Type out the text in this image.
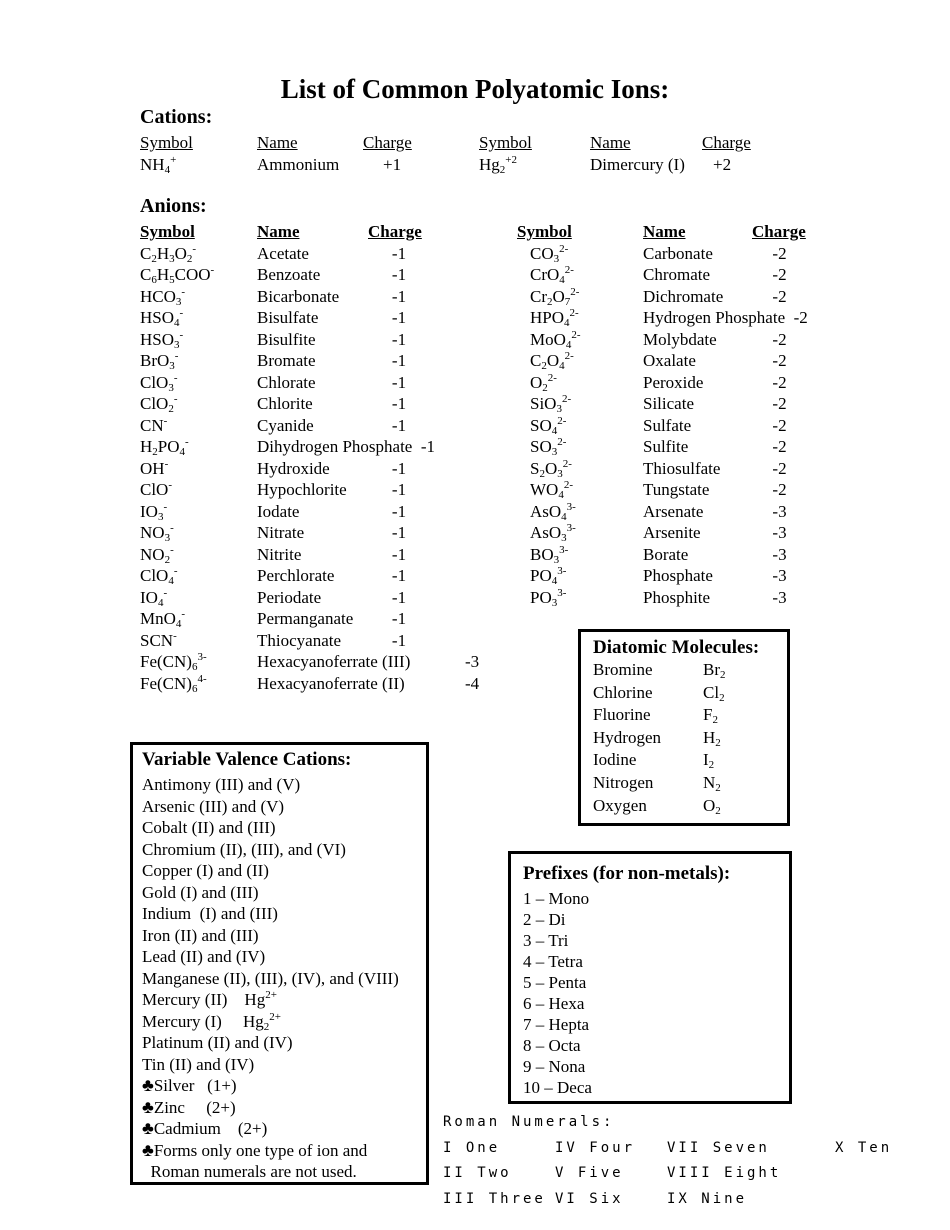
List of Common Polyatomic Ions:
Cations:
Symbol	Name	Charge	Symbol	Name	Charge
$NH_4^+$	Ammonium	+1	$Hg_2^{+2}$	Dimercury (I) +2
Anions:
Symbol	Name	Charge
$C_2H_3O_2^-$	Acetate	-1
$C_6H_5COO^-$	Benzoate	-1
$HCO_3^-$	Bicarbonate	-1
$HSO_4^-$	Bisulfate	-1
$HSO_3^-$	Bisulfite	-1
BrO$_3$-	Bromate	-1
ClO$_3$-	Chlorate	-1
ClO$_2$-	Chlorite	-1
CN-	Cyanide	-1
$H_2PO_4^-$	Dihydrogen Phosphate  -1
OH-	Hydroxide	-1
ClO-	Hypochlorite	-1
$IO_3^-$	Iodate	-1
$NO_3^-$	Nitrate	-1
$NO_2^-$	Nitrite	-1
ClO$_4$-	Perchlorate	-1
$IO_4^-$	Periodate	-1
MnO$_4$-	Permanganate -1
SCN-	Thiocyanate	-1
$Fe(CN)_6^{3-}$	Hexacyanoferrate (III)	-3
$Fe(CN)_6^{4-}$	Hexacyanoferrate (II)	-4
Symbol	Name	Charge
$CO_3^{2-}$	Carbonate	-2
CrO$_4^{2-}$	Chromate	-2
$Cr_2O_7^{2-}$	Dichromate	-2
$HPO_4^{2-}$	Hydrogen Phosphate  -2
MoO$_4^{2-}$	Molybdate	-2
$C_2O_4^{2-}$	Oxalate	-2
$O_2^{2-}$	Peroxide	-2
SiO$_3^{2-}$	Silicate	-2
$SO_4^{2-}$	Sulfate	-2
$SO_3^{2-}$	Sulfite	-2
$S_2O_3^{2-}$	Thiosulfate	-2
$WO_4^{2-}$	Tungstate	-2
AsO$_4^{3-}$	Arsenate	-3
AsO$_3^{3-}$	Arsenite	-3
$BO_3^{3-}$	Borate	-3
$PO_4^{3-}$	Phosphate	-3
$PO_3^{3-}$	Phosphite	-3
Diatomic Molecules:
Bromine	$Br_2$
Chlorine	$Cl_2$
Fluorine	$F_2$
Hydrogen $H_2$
Iodine	$I_2$
Nitrogen	$N_2$
Oxygen	$O_2$
Variable Valence Cations:
Antimony (III) and (V)
Arsenic (III) and (V)
Cobalt (II) and (III)
Chromium (II), (III), and (VI)
Copper (I) and (II)
Gold (I) and (III)
Indium  (I) and (III)
Iron (II) and (III)
Lead (II) and (IV)
Manganese (II), (III), (IV), and (VIII)
Mercury (II)    $Hg^{2+}$
Mercury (I)     $Hg_2^{2+}$
Platinum (II) and (IV)
Tin (II) and (IV)
♣Silver   (1+)
♣Zinc     (2+)
♣Cadmium    (2+)
♣Forms only one type of ion and
Roman numerals are not used.
Prefixes (for non-metals):
1 – Mono
2 – Di
3 – Tri
4 – Tetra
5 – Penta
6 – Hexa
7 – Hepta
8 – Octa
9 – Nona
10 – Deca
Roman Numerals:
I One	IV Four	VII Seven	X Ten
II Two	V Five	VIII Eight
III Three VI Six	IX Nine
